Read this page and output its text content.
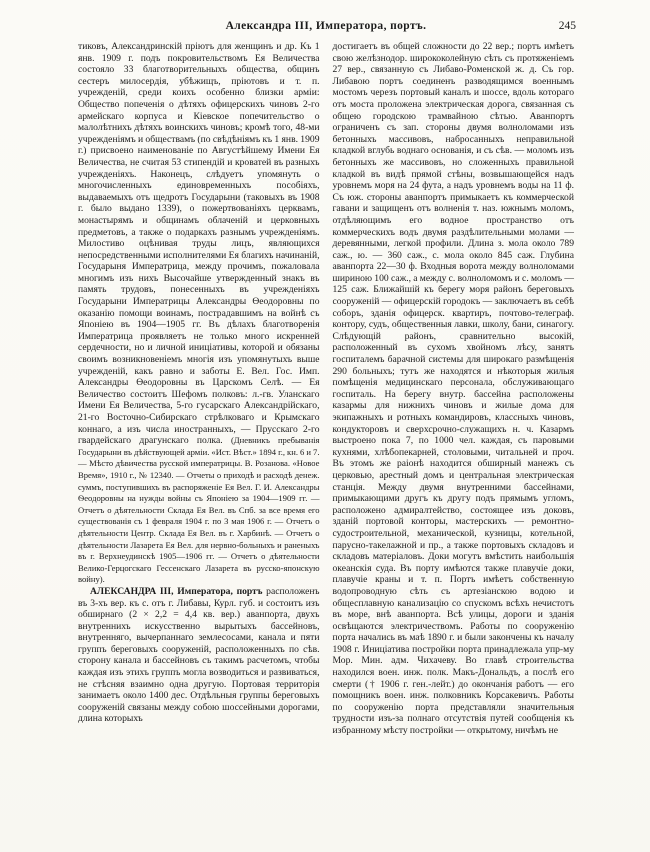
Александра III, Императора, портъ.	245

тиковъ, Александринскій пріютъ для женщинъ и др. Къ 1 янв. 1909 г. подъ покровительствомъ Ея Величества состояло 33 благотворительныхъ общества, общинъ сестеръ милосердія, убѣжищъ, пріютовъ и т. п. учрежденій, среди коихъ особенно близки арміи: Общество попеченія о дѣтяхъ офицерскихъ чиновъ 2-го армейскаго корпуса и Кіевское попечительство о малолѣтнихъ дѣтяхъ воинскихъ чиновъ; кромѣ того, 48-ми учрежденіямъ и обществамъ (по свѣдѣніямъ къ 1 янв. 1909 г.) присвоено наименованіе по Августѣйшему Имени Ея Величества, не считая 53 стипендій и кроватей въ разныхъ учрежденіяхъ. Наконецъ, слѣдуетъ упомянуть о многочисленныхъ единовременныхъ пособіяхъ, выдаваемыхъ отъ щедротъ Государыни (таковыхъ въ 1908 г. было выдано 1339), о пожертвованіяхъ церквамъ, монастырямъ и общинамъ облаченій и церковныхъ предметовъ, а также о подаркахъ разнымъ учрежденіямъ. Милостиво оцѣнивая труды лицъ, являющихся непосредственными исполнителями Ея благихъ начинаній, Государыня Императрица, между прочимъ, пожаловала многимъ изъ нихъ Высочайше утвержденный знакъ въ память трудовъ, понесенныхъ въ учрежденіяхъ Государыни Императрицы Александры Ѳеодоровны по оказанію помощи воинамъ, пострадавшимъ на войнѣ съ Японіею въ 1904—1905 гг. Въ дѣлахъ благотворенія Императрица проявляетъ не только много искренней сердечности, но и личной иниціативы, которой и обязаны своимъ возникновеніемъ многія изъ упомянутыхъ выше учрежденій, какъ равно и заботы Е. Вел. Гос. Имп. Александры Ѳеодоровны въ Царскомъ Селѣ. — Ея Величество состоитъ Шефомъ полковъ: л.-гв. Уланскаго Имени Ея Величества, 5-го гусарскаго Александрійскаго, 21-го Восточно-Сибирскаго стрѣлковаго и Крымскаго коннаго, а изъ числа иностранныхъ, — Прусскаго 2-го гвардейскаго драгунскаго полка. (Дневникъ пребыванія Государыни въ дѣйствующей арміи. «Ист. Вѣст.» 1894 г., кн. 6 и 7. — Мѣсто дѣвичества русской императрицы. В. Розанова. «Новое Время», 1910 г., № 12340. — Отчеты о приходѣ и расходѣ денеж. суммъ, поступившихъ въ распоряженіе Ея Вел. Г. И. Александры Ѳеодоровны на нужды войны съ Японіею за 1904—1909 гг. — Отчетъ о дѣятельности Склада Ея Вел. въ Спб. за все время его существованія съ 1 февраля 1904 г. по 3 мая 1906 г. — Отчетъ о дѣятельности Центр. Склада Ея Вел. въ г. Харбинѣ. — Отчетъ о дѣятельности Лазарета Ея Вел. для нервно-больныхъ и раненыхъ въ г. Верхнеудинскѣ 1905—1906 гг. — Отчетъ о дѣятельности Велико-Герцогскаго Гессенскаго Лазарета въ русско-японскую войну).

АЛЕКСАНДРА III, Императора, портъ расположенъ въ 3-хъ вер. къ с. отъ г. Либавы, Курл. губ. и состоитъ изъ обширнаго (2 × 2,2 = 4,4 кв. вер.) аванпорта, двухъ внутреннихъ искусственно вырытыхъ бассейновъ, внутренняго, вычерпаннаго землесосами, канала и пяти группъ береговыхъ сооруженій, расположенныхъ по сѣв. сторону канала и бассейновъ съ такимъ расчетомъ, чтобы каждая изъ этихъ группъ могла возводиться и развиваться, не стѣсняя взаимно одна другую. Портовая территорія занимаетъ около 1400 дес. Отдѣльныя группы береговыхъ сооруженій связаны между собою шоссейными дорогами, длина которыхъ

достигаетъ въ общей сложности до 22 вер.; портъ имѣетъ свою желѣзнодор. ширококолейную сѣть съ протяженіемъ 27 вер., связанную съ Либаво-Роменской ж. д. Съ гор. Либавою портъ соединенъ разводящимся военнымъ мостомъ черезъ портовый каналъ и шоссе, вдоль котораго отъ моста проложена электрическая дорога, связанная съ общею городскою трамвайною сѣтью. Аванпортъ ограниченъ съ зап. стороны двумя волноломами изъ бетонныхъ массивовъ, набросанныхъ неправильной кладкой вглубь воднаго основанія, и съ сѣв. — моломъ изъ бетонныхъ же массивовъ, но сложенныхъ правильной кладкой въ видѣ прямой стѣны, возвышающейся надъ уровнемъ моря на 24 фута, а надъ уровнемъ воды на 11 ф. Съ юж. стороны аванпортъ примыкаетъ къ коммерческой гавани и защищенъ отъ волненія т. наз. южнымъ моломъ, отдѣляющимъ его водное пространство отъ коммерческихъ водъ двумя раздѣлительными молами — деревянными, легкой профили. Длина з. мола около 789 саж., ю. — 360 саж., с. мола около 845 саж. Глубина аванпорта 22—30 ф. Входныя ворота между волноломами шириною 100 саж., а между с. волноломомъ и с. моломъ — 125 саж. Ближайшій къ берегу моря районъ береговыхъ сооруженій — офицерскій городокъ — заключаетъ въ себѣ соборъ, зданія офицерск. квартиръ, почтово-телеграф. контору, судъ, общественныя лавки, школу, бани, синагогу. Слѣдующій районъ, сравнительно высокій, расположенный въ сухомъ хвойномъ лѣсу, занятъ госпиталемъ барачной системы для широкаго размѣщенія 290 больныхъ; тутъ же находятся и нѣкоторыя жилыя помѣщенія медицинскаго персонала, обслуживающаго госпиталь. На берегу внутр. бассейна расположены казармы для нижнихъ чиновъ и жилые дома для экипажныхъ и ротныхъ командировъ, классныхъ чиновъ, кондукторовъ и сверхсрочно-служащихъ н. ч. Казармъ выстроено пока 7, по 1000 чел. каждая, съ паровыми кухнями, хлѣбопекарней, столовыми, читальней и проч. Въ этомъ же раіонѣ находится обширный манежъ съ церковью, арестный домъ и центральная электрическая станція. Между двумя внутренними бассейнами, примыкающими другъ къ другу подъ прямымъ угломъ, расположено адмиралтейство, состоящее изъ доковъ, зданій портовой конторы, мастерскихъ — ремонтно-судостроительной, механической, кузницы, котельной, парусно-такелажной и пр., а также портовыхъ складовъ и складовъ матеріаловъ. Доки могутъ вмѣстить наибольшія океанскія суда. Въ порту имѣются также плавучіе доки, плавучіе краны и т. п. Портъ имѣетъ собственную водопроводную сѣть съ артезіанскою водою и общесплавную канализацію со спускомъ всѣхъ нечистотъ въ море, внѣ аванпорта. Всѣ улицы, дороги и зданія освѣщаются электричествомъ. Работы по сооруженію порта начались въ маѣ 1890 г. и были закончены къ началу 1908 г. Иниціатива постройки порта принадлежала упр-му Мор. Мин. адм. Чихачеву. Во главѣ строительства находился воен. инж. полк. Макъ-Дональдъ, а послѣ его смерти († 1906 г. ген.-лейт.) до окончанія работъ — его помощникъ воен. инж. полковникъ Корсакевичъ. Работы по сооруженію порта представляли значительныя трудности изъ-за полнаго отсутствія путей сообщенія къ избранному мѣсту постройки — открытому, ничѣмъ не
